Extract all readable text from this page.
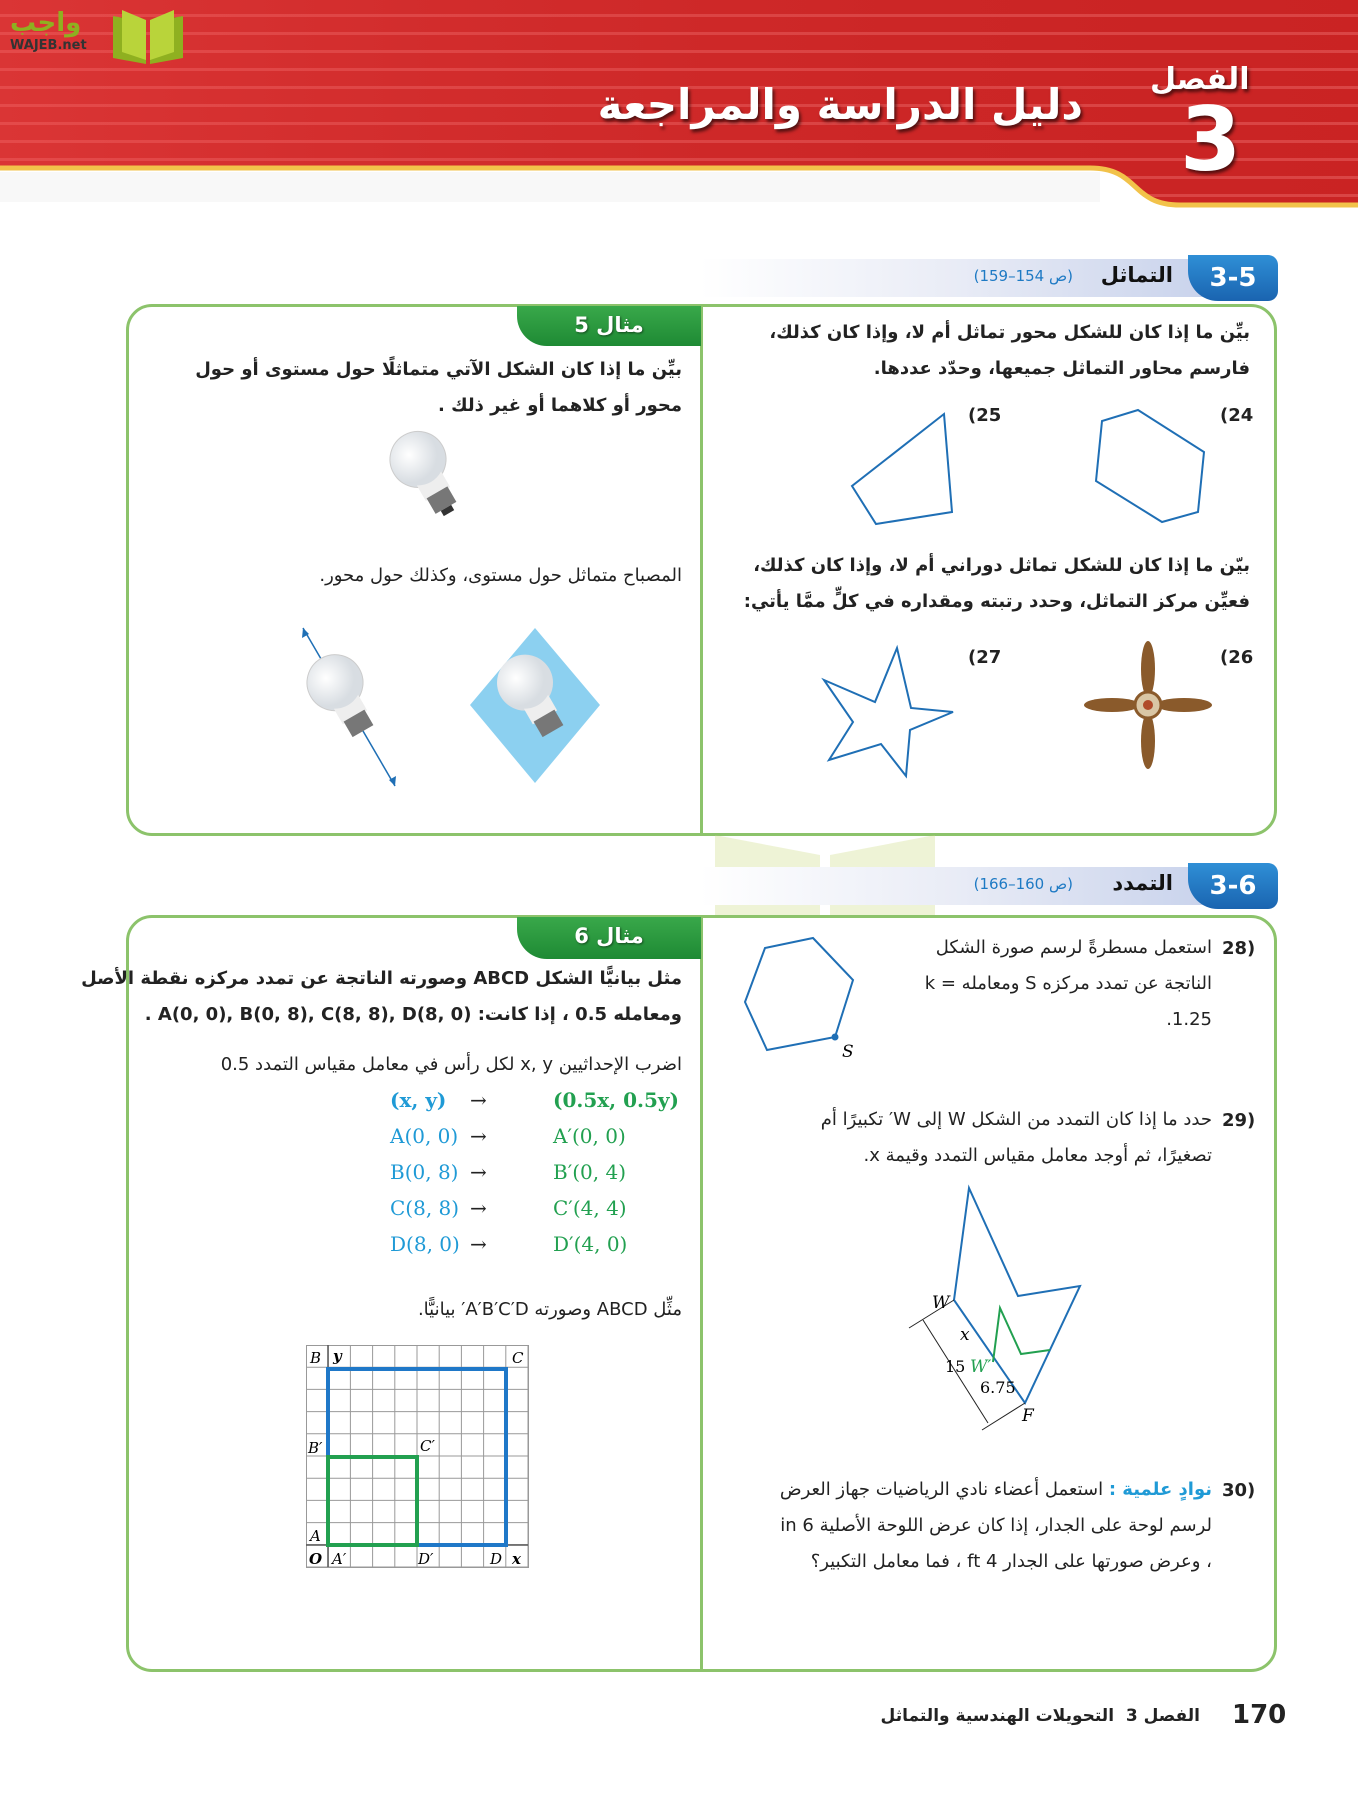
واجب
WAJEB.net
الفصل
3
دليل الدراسة والمراجعة
3-5
التماثل
(ص 154–159)
مثال 5	بيِّن ما إذا كان للشكل محور تماثل أم لا، وإذا كان كذلك، فارسم محاور التماثل جميعها، وحدّد عددها.
(24
(25
بيّن ما إذا كان للشكل تماثل دوراني أم لا، وإذا كان كذلك، فعيِّن مركز التماثل، وحدد رتبته ومقداره في كلٍّ ممَّا يأتي:
(26
(27
بيِّن ما إذا كان الشكل الآتي متماثلًا حول مستوى أو حول محور أو كلاهما أو غير ذلك .
المصباح متماثل حول مستوى، وكذلك حول محور.
3-6
التمدد
(ص 160–166)
مثال 6
مثل بيانيًّا الشكل ABCD وصورته الناتجة عن تمدد مركزه نقطة الأصل
ومعامله 0.5 ، إذا كانت: A(0, 0), B(0, 8), C(8, 8), D(8, 0) .
اضرب الإحداثيين x, y لكل رأس في معامل مقياس التمدد 0.5
(x, y) →	(0.5x, 0.5y)
A(0, 0) →	A′(0, 0)
B(0, 8) →	B′(0, 4)
C(8, 8) →	C′(4, 4)
D(8, 0) →	D′(4, 0)
مثِّل ABCD وصورته A′B′C′D′ بيانيًّا.
B y	C
B′	C′
A
O A′	D′	D x
28)
استعمل مسطرةً لرسم صورة الشكل الناتجة عن تمدد مركزه S ومعامله k = 1.25.
S
29)
حدد ما إذا كان التمدد من الشكل W إلى W′ تكبيرًا أم تصغيرًا، ثم أوجد معامل مقياس التمدد وقيمة x.
W
x
15 W′
6.75
F
30)
نوادٍ علمية : استعمل أعضاء نادي الرياضيات جهاز العرض لرسم لوحة على الجدار، إذا كان عرض اللوحة الأصلية 6 in ، وعرض صورتها على الجدار 4 ft ، فما معامل التكبير؟
170
الفصل 3  التحويلات الهندسية والتماثل
